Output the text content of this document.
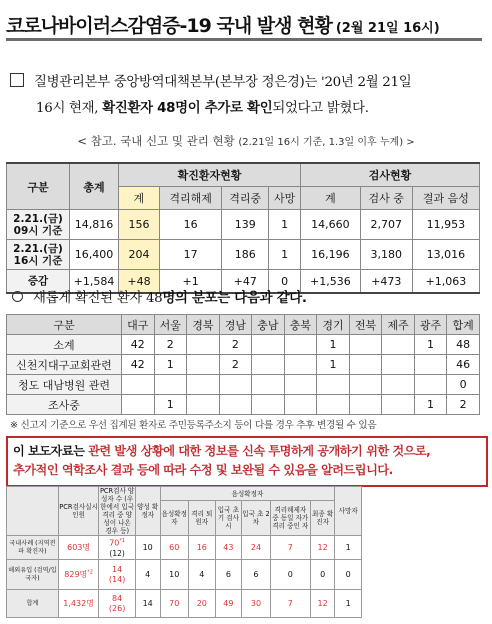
코로나바이러스감염증-19 국내 발생 현황 (2월 21일 16시)
질병관리본부 중앙방역대책본부(본부장 정은경)는 '20년 2월 21일
16시 현재, 확진환자 48명이 추가로 확인되었다고 밝혔다.
< 참고. 국내 신고 및 관리 현황 (2.21일 16시 기준, 1.3일 이후 누계) >
구분	총계	확진환자현황				검사현황		
		계	격리해제	격리중	사망	계	검사 중	결과 음성

2.21.(금)
09시 기준	14,816	156	16	139	1	14,660	2,707	11,953

2.21.(금)
16시 기준	16,400	204	17	186	1	16,196	3,180	13,016
증감	+1,584	+48	+1	+47	0	+1,536	+473	+1,063
새롭게 확진된 환자 48명의 분포는 다음과 같다.
구분	대구	서울	경북	경남	충남	충북	경기	전북	제주	광주	합계
소계	42	2		2			1			1	48
신천지대구교회관련	42	1		2			1				46
청도 대남병원 관련											0
조사중		1								1	2
※ 신고지 기준으로 우선 집계된 환자로 주민등록주소지 등이 다를 경우 추후 변경될 수 있음
이 보도자료는 관련 발생 상황에 대한 정보를 신속 투명하게 공개하기 위한 것으로,
추가적인 역학조사 결과 등에 따라 수정 및 보완될 수 있음을 알려드립니다.
	PCR검사실시 인원	PCR검사 양성자 수 (우한에서 입국 격리 중 양성이 나온 경우 등)	양성 확정자	음성확정자						사망자
				음성확정자	격리 퇴원자	입국 초기 검사 시	입국 초 2차	격리해제자 중 동일 자가격리 중인 자	최종 확진자	

국내사례 (지역전파 확진자)	603명	70$^{*1}$
(12)	10	60	16	43	24	7	12	1
해외유입 (검역/입국자)	829명$^{*2}$	14
(14)	4	10	4	6	6	0	0	0
합계	1,432명	84
(26)	14	70	20	49	30	7	12	1
